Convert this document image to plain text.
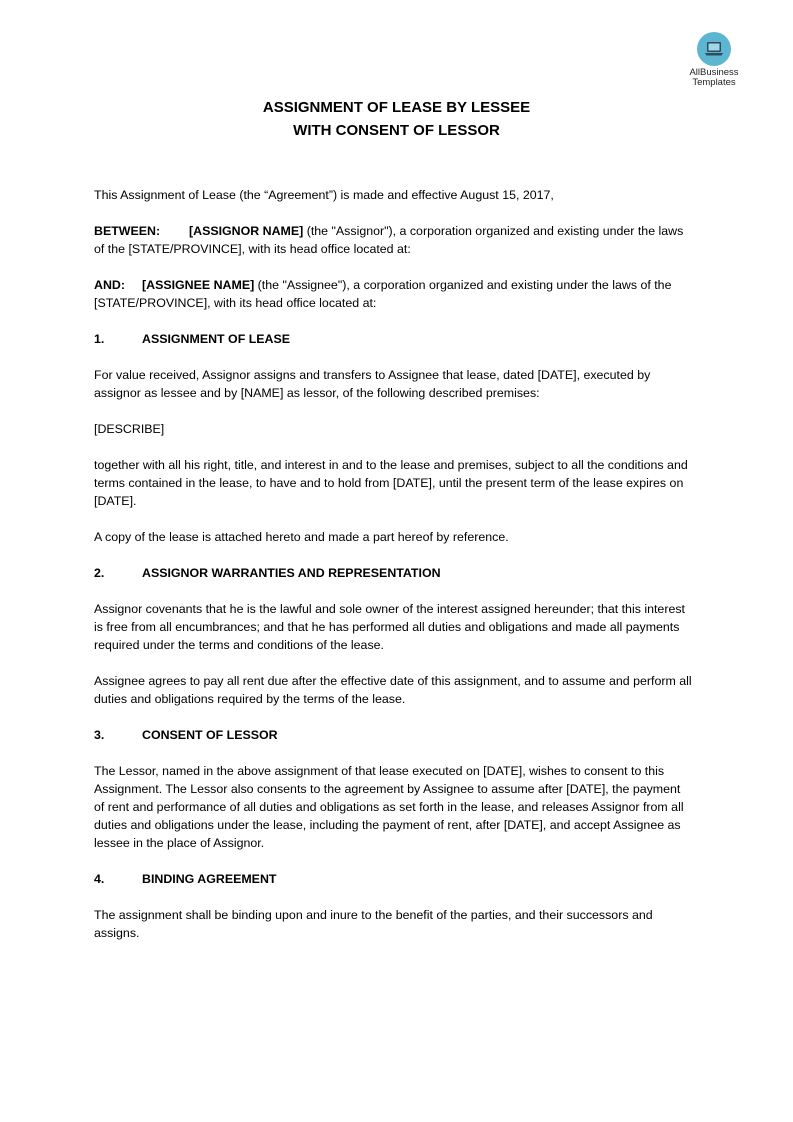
AllBusiness
Templates
ASSIGNMENT OF LEASE BY LESSEE
WITH CONSENT OF LESSOR

This Assignment of Lease (the “Agreement”) is made and effective August 15, 2017,

BETWEEN: [ASSIGNOR NAME] (the "Assignor"), a corporation organized and existing under the laws of the [STATE/PROVINCE], with its head office located at:

AND: [ASSIGNEE NAME] (the "Assignee"), a corporation organized and existing under the laws of the [STATE/PROVINCE], with its head office located at:

1.	ASSIGNMENT OF LEASE

For value received, Assignor assigns and transfers to Assignee that lease, dated [DATE], executed by assignor as lessee and by [NAME] as lessor, of the following described premises:

[DESCRIBE]

together with all his right, title, and interest in and to the lease and premises, subject to all the conditions and terms contained in the lease, to have and to hold from [DATE], until the present term of the lease expires on [DATE].

A copy of the lease is attached hereto and made a part hereof by reference.

2.	ASSIGNOR WARRANTIES AND REPRESENTATION

Assignor covenants that he is the lawful and sole owner of the interest assigned hereunder; that this interest is free from all encumbrances; and that he has performed all duties and obligations and made all payments required under the terms and conditions of the lease.

Assignee agrees to pay all rent due after the effective date of this assignment, and to assume and perform all duties and obligations required by the terms of the lease.

3.	CONSENT OF LESSOR

The Lessor, named in the above assignment of that lease executed on [DATE], wishes to consent to this Assignment. The Lessor also consents to the agreement by Assignee to assume after [DATE], the payment of rent and performance of all duties and obligations as set forth in the lease, and releases Assignor from all duties and obligations under the lease, including the payment of rent, after [DATE], and accept Assignee as lessee in the place of Assignor.

4.	BINDING AGREEMENT

The assignment shall be binding upon and inure to the benefit of the parties, and their successors and assigns.
